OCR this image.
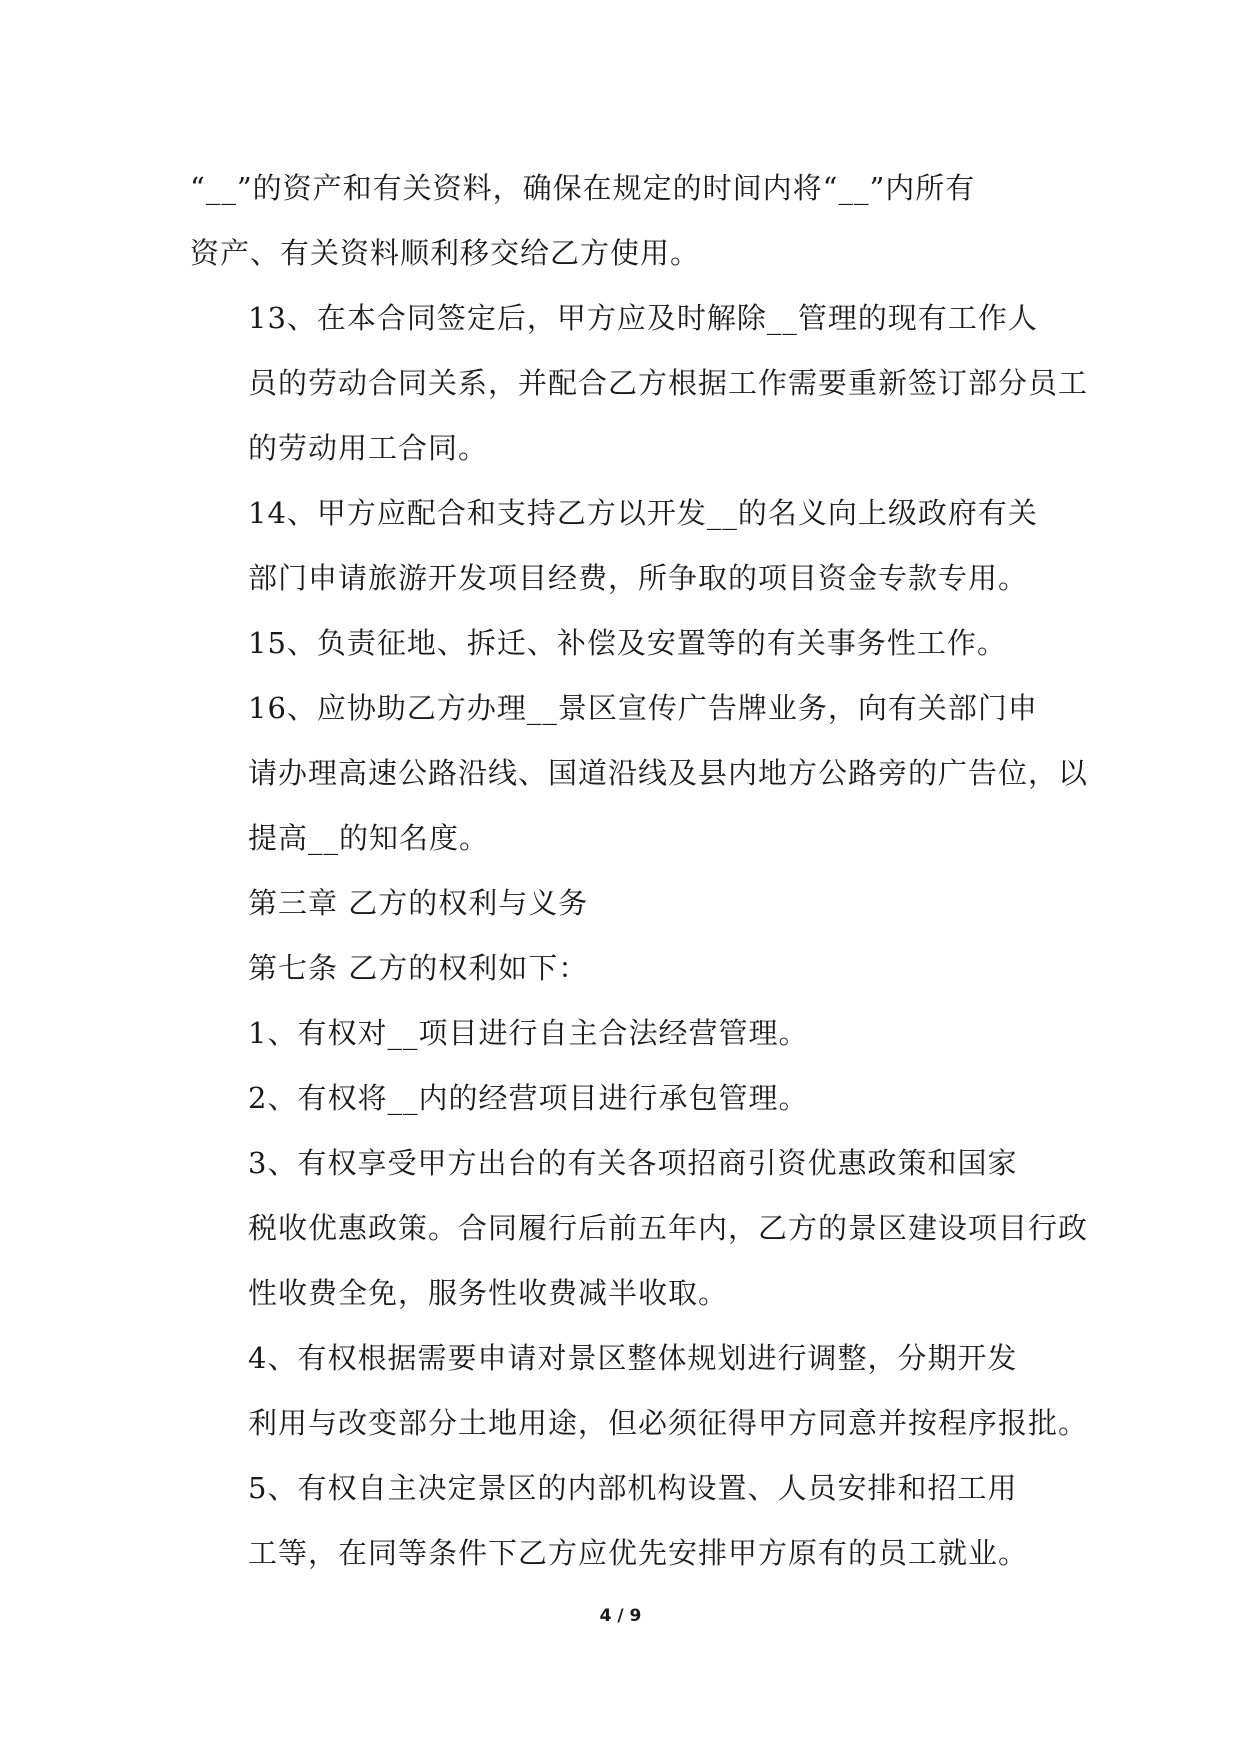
“__”的资产和有关资料，确保在规定的时间内将“__”内所有
资产、有关资料顺利移交给乙方使用。

13、在本合同签定后，甲方应及时解除__管理的现有工作人
员的劳动合同关系，并配合乙方根据工作需要重新签订部分员工
的劳动用工合同。

14、甲方应配合和支持乙方以开发__的名义向上级政府有关
部门申请旅游开发项目经费，所争取的项目资金专款专用。

15、负责征地、拆迁、补偿及安置等的有关事务性工作。

16、应协助乙方办理__景区宣传广告牌业务，向有关部门申
请办理高速公路沿线、国道沿线及县内地方公路旁的广告位，以
提高__的知名度。

第三章 乙方的权利与义务

第七条 乙方的权利如下：

1、有权对__项目进行自主合法经营管理。

2、有权将__内的经营项目进行承包管理。

3、有权享受甲方出台的有关各项招商引资优惠政策和国家
税收优惠政策。合同履行后前五年内，乙方的景区建设项目行政
性收费全免，服务性收费减半收取。

4、有权根据需要申请对景区整体规划进行调整，分期开发
利用与改变部分土地用途，但必须征得甲方同意并按程序报批。

5、有权自主决定景区的内部机构设置、人员安排和招工用
工等，在同等条件下乙方应优先安排甲方原有的员工就业。

4 / 9
